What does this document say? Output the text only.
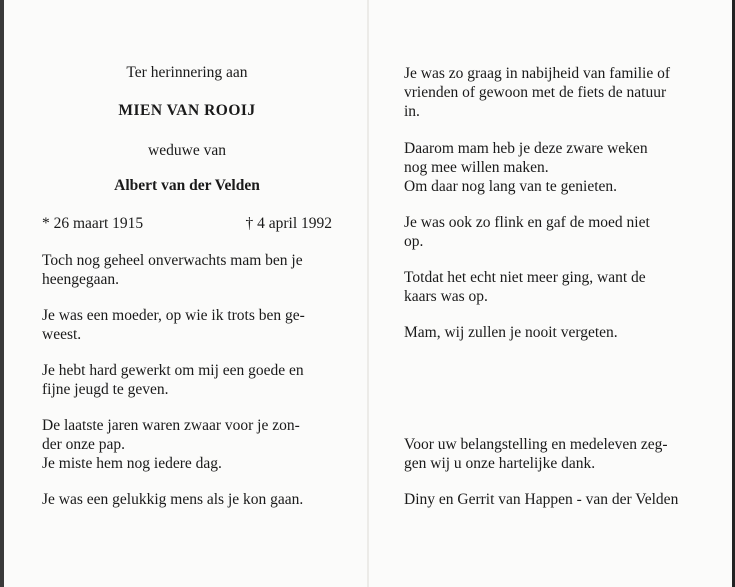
Ter herinnering aan
MIEN VAN ROOIJ
weduwe van
Albert van der Velden
* 26 maart 1915	† 4 april 1992
Toch nog geheel onverwachts mam ben je
heengegaan.
Je was een moeder, op wie ik trots ben ge-
weest.
Je hebt hard gewerkt om mij een goede en
fijne jeugd te geven.
De laatste jaren waren zwaar voor je zon-
der onze pap.
Je miste hem nog iedere dag.
Je was een gelukkig mens als je kon gaan.
Je was zo graag in nabijheid van familie of
vrienden of gewoon met de fiets de natuur
in.
Daarom mam heb je deze zware weken
nog mee willen maken.
Om daar nog lang van te genieten.
Je was ook zo flink en gaf de moed niet
op.
Totdat het echt niet meer ging, want de
kaars was op.
Mam, wij zullen je nooit vergeten.
Voor uw belangstelling en medeleven zeg-
gen wij u onze hartelijke dank.
Diny en Gerrit van Happen - van der Velden
